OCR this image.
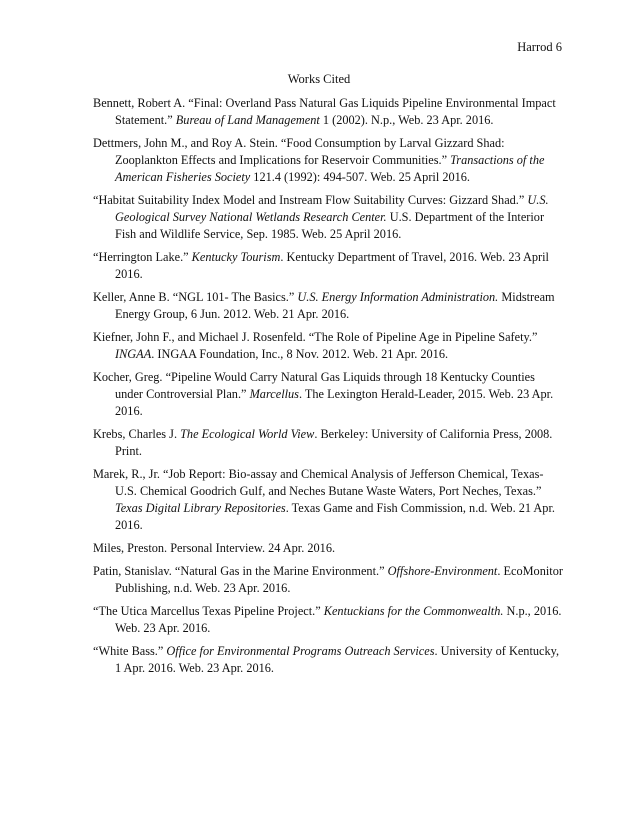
Harrod 6
Works Cited
Bennett, Robert A. “Final: Overland Pass Natural Gas Liquids Pipeline Environmental Impact Statement.” Bureau of Land Management 1 (2002). N.p., Web. 23 Apr. 2016.
Dettmers, John M., and Roy A. Stein. “Food Consumption by Larval Gizzard Shad: Zooplankton Effects and Implications for Reservoir Communities.” Transactions of the American Fisheries Society 121.4 (1992): 494-507. Web. 25 April 2016.
“Habitat Suitability Index Model and Instream Flow Suitability Curves: Gizzard Shad.” U.S. Geological Survey National Wetlands Research Center. U.S. Department of the Interior Fish and Wildlife Service, Sep. 1985. Web. 25 April 2016.
“Herrington Lake.” Kentucky Tourism. Kentucky Department of Travel, 2016. Web. 23 April 2016.
Keller, Anne B. “NGL 101- The Basics.” U.S. Energy Information Administration. Midstream Energy Group, 6 Jun. 2012. Web. 21 Apr. 2016.
Kiefner, John F., and Michael J. Rosenfeld. “The Role of Pipeline Age in Pipeline Safety.” INGAA. INGAA Foundation, Inc., 8 Nov. 2012. Web. 21 Apr. 2016.
Kocher, Greg. “Pipeline Would Carry Natural Gas Liquids through 18 Kentucky Counties under Controversial Plan.” Marcellus. The Lexington Herald-Leader, 2015. Web. 23 Apr. 2016.
Krebs, Charles J. The Ecological World View. Berkeley: University of California Press, 2008. Print.
Marek, R., Jr. “Job Report: Bio-assay and Chemical Analysis of Jefferson Chemical, Texas-U.S. Chemical Goodrich Gulf, and Neches Butane Waste Waters, Port Neches, Texas.” Texas Digital Library Repositories. Texas Game and Fish Commission, n.d. Web. 21 Apr. 2016.
Miles, Preston. Personal Interview. 24 Apr. 2016.
Patin, Stanislav. “Natural Gas in the Marine Environment.” Offshore-Environment. EcoMonitor Publishing, n.d. Web. 23 Apr. 2016.
“The Utica Marcellus Texas Pipeline Project.” Kentuckians for the Commonwealth. N.p., 2016. Web. 23 Apr. 2016.
“White Bass.” Office for Environmental Programs Outreach Services. University of Kentucky, 1 Apr. 2016. Web. 23 Apr. 2016.
